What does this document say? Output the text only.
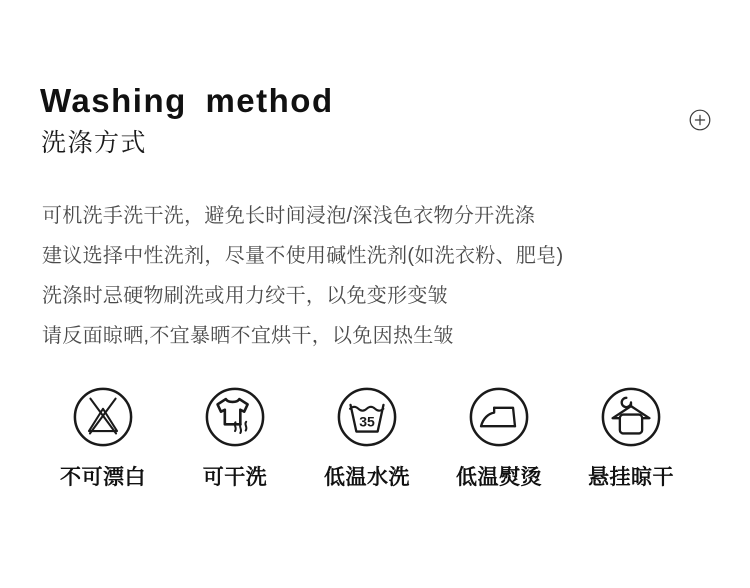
Washing method
洗涤方式

可机洗手洗干洗，避免长时间浸泡/深浅色衣物分开洗涤

建议选择中性洗剂，尽量不使用碱性洗剂(如洗衣粉、肥皂)

洗涤时忌硬物刷洗或用力绞干，以免变形变皱

请反面晾晒,不宜暴晒不宜烘干，以免因热生皱

不可漂白	可干洗
35
低温水洗 低温熨烫 悬挂晾干
